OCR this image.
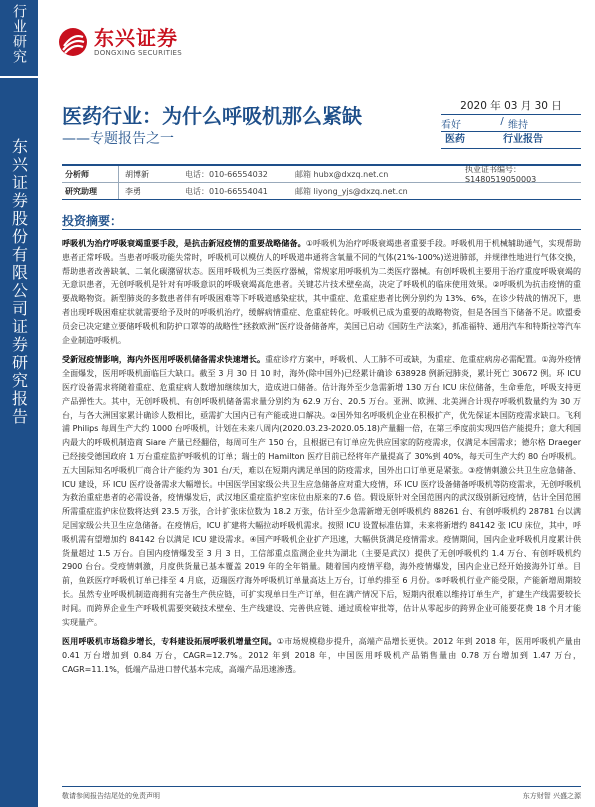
行业研究
东兴证券股份有限公司证券研究报告
东兴证券
DONGXING SECURITIES
医药行业：为什么呼吸机那么紧缺
——专题报告之一
2020 年 03 月 30 日
看好	/ 维持
医药	行业报告
分析师	胡博新	电话：010-66554032	邮箱 hubx@dxzq.net.cn	执业证书编号：S1480519050003
研究助理	李勇	电话：010-66554041	邮箱 liyong_yjs@dxzq.net.cn
投资摘要：

呼吸机为治疗呼吸衰竭重要手段，是抗击新冠疫情的重要战略储备。①呼吸机为治疗呼吸衰竭患者重要手段。呼吸机用于机械辅助通气，实现帮助患者正常呼吸。当患者呼吸功能失常时，呼吸机可以模仿人的呼吸道串通将含氧量不同的气体(21%-100%)送进肺部，并规律性地进行气体交换，帮助患者改善缺氧、二氧化碳潴留状态。医用呼吸机为三类医疗器械，常规家用呼吸机为二类医疗器械。有创呼吸机主要用于治疗重度呼吸衰竭的无意识患者，无创呼吸机是针对有呼吸意识的呼吸衰竭高危患者。关键芯片技术壁垒高，决定了呼吸机的临床使用效果。②呼吸机为抗击疫情的重要战略物资。新型肺炎的多数患者伴有呼吸困难等下呼吸道感染症状，其中重症、危重症患者比例分别约为 13%、6%，在诊少转战的情况下，患者出现呼吸困难症状就需要给予及时的呼吸机治疗，缓解病情重症、危重症转化。呼吸机已成为重要的战略物资，但是各国当下储备不足。欧盟委员会已决定建立要储呼吸机和防护口罩等的战略性“拯救欧洲”医疗设备储备库，美国已启动《国防生产法案》，抓准福特、通用汽车和特斯拉等汽车企业制造呼吸机。

受新冠疫情影响，海内外医用呼吸机储备需求快速增长。重症诊疗方案中，呼吸机、人工肺不可或缺，为重症、危重症病房必需配置。①海外疫情全面爆发，医用呼吸机面临巨大缺口。截至 3 月 30 日 10 时，海外(除中国外)已经累计确诊 638928 例新冠肺炎，累计死亡 30672 例。环 ICU 医疗设备需求将随着重症、危重症病人数增加继续加大，造成进口储备。估计海外至少急需新增 130 万台 ICU 床位储备，生命垂危，呼吸支持更产品弹性大。其中，无创呼吸机、有创呼吸机储备需求量分别约为 62.9 万台、20.5 万台。亚洲、欧洲、北美洲合计现存呼吸机数量约为 30 万台，与各大洲国家累计确诊人数相比，亟需扩大国内已有产能或进口解决。②国外知名呼吸机企业在积极扩产，优先保证本国防疫需求缺口。飞利浦 Philips 每周生产大约 1000 台呼吸机，计划在未来八周内(2020.03.23-2020.05.18)产量翻一倍，在第三季度前实现四倍产能提升；意大利国内最大的呼吸机制造商 Siare 产量已经翻倍，每周可生产 150 台，且根据已有订单应先供应国家的防疫需求，仅满足本国需求；德尔格 Draeger 已经接受德国政府 1 万台重症监护呼吸机的订单；瑞士的 Hamilton 医疗目前已经将年产量提高了 30%到 40%，每天可生产大约 80 台呼吸机。五大国际知名呼吸机厂商合计产能约为 301 台/天，难以在短期内满足单国的防疫需求，国外出口订单更是紧张。③疫情刺激公共卫生应急储备、ICU 建设，环 ICU 医疗设备需求大幅增长。中国医学国家级公共卫生应急储备应对重大疫情，环 ICU 医疗设备储备呼吸机等防疫需求，无创呼吸机为救治重症患者的必需设备，疫情爆发后，武汉地区重症监护室床位由原来的7.6 倍。假设原针对全国范围内的武汉级别新冠疫情，估计全国范围所需重症监护床位数将达到 23.5 万张，合计扩张床位数为 18.2 万张，估计至少急需新增无创呼吸机约 88261 台、有创呼吸机约 28781 台以满足国家级公共卫生应急储备。在疫情后，ICU 扩建将大幅拉动呼吸机需求。按照 ICU 设置标准估算，未来将新增约 84142 张 ICU 床位，其中，呼吸机需有望增加约 84142 台以满足 ICU 建设需求。④国产呼吸机企业扩产迅速，大幅供货满足疫情需求。疫情期间，国内企业呼吸机月度累计供货量超过 1.5 万台。自国内疫情爆发至 3 月 3 日，工信部重点监测企业共为湖北（主要是武汉）提供了无创呼吸机约 1.4 万台、有创呼吸机约 2900 台台。受疫情刺激，月度供货量已基本覆盖 2019 年的全年销量。随着国内疫情平稳，海外疫情爆发，国内企业已经开始接海外订单。目前，鱼跃医疗呼吸机订单已排至 4 月底，迈瑞医疗海外呼吸机订单量高达上万台，订单约排至 6 月份。⑤呼吸机行业产能受限，产能新增周期较长。虽然专业呼吸机制造商拥有完备生产供应链，可扩实现单日生产订单，但在满产情况下后，短期内很难以维持订单生产，扩建生产线需要较长时间。而跨界企业生产呼吸机需要突破技术壁垒、生产线建设、完善供应链、通过质检审批等，估计从零起步的跨界企业可能要花费 18 个月才能实现量产。

医用呼吸机市场稳步增长，专科建设拓展呼吸机增量空间。①市场规模稳步提升，高端产品增长更快。2012 年到 2018 年，医用呼吸机产量由 0.41 万台增加到 0.84 万台，CAGR=12.7%。2012 年到 2018 年，中国医用呼吸机产品销售量由 0.78 万台增加到 1.47 万台，CAGR=11.1%，低端产品进口替代基本完成，高端产品迅速渗透。

敬请参阅报告结尾处的免责声明	东方财智 兴盛之源
